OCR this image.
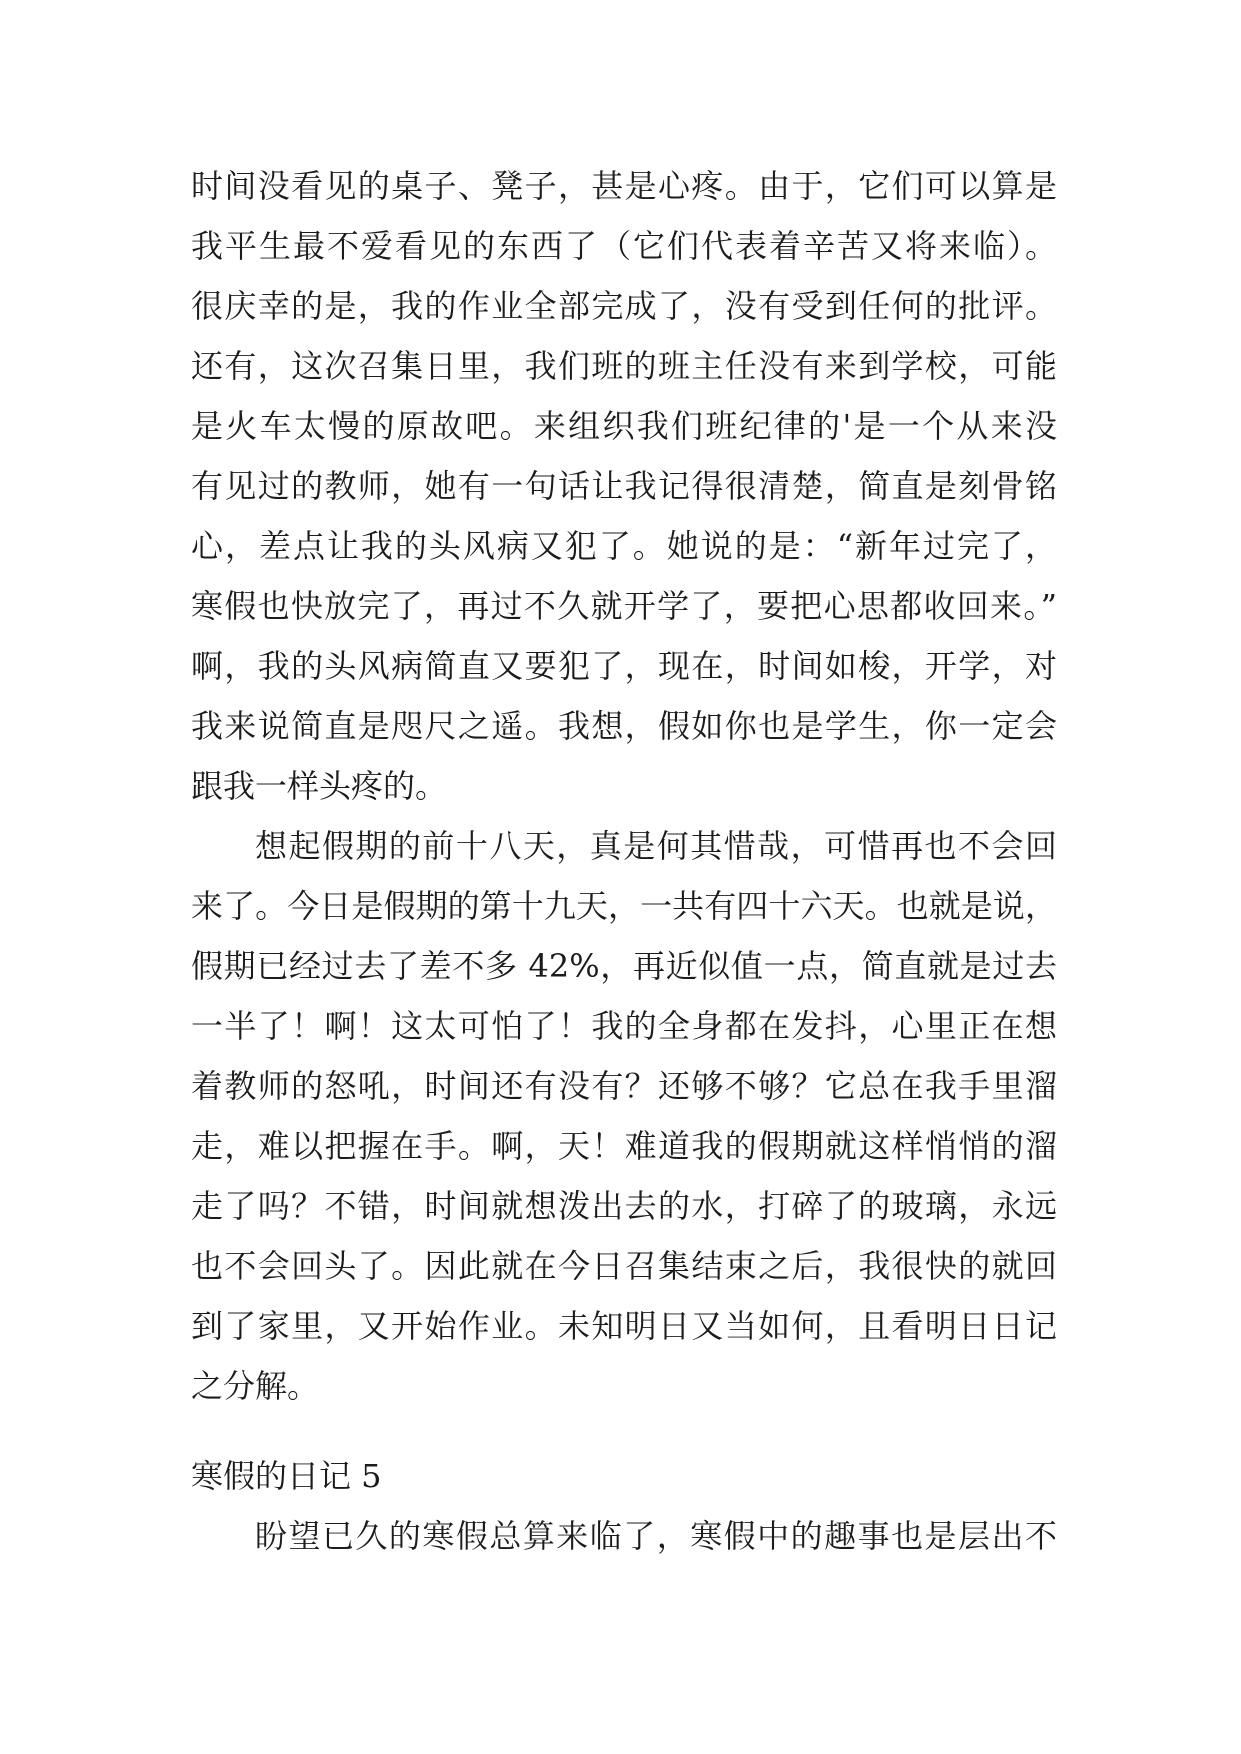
时间没看见的桌子、凳子，甚是心疼。由于，它们可以算是
我平生最不爱看见的东西了（它们代表着辛苦又将来临）。
很庆幸的是，我的作业全部完成了，没有受到任何的批评。
还有，这次召集日里，我们班的班主任没有来到学校，可能
是火车太慢的原故吧。来组织我们班纪律的'是一个从来没
有见过的教师，她有一句话让我记得很清楚，简直是刻骨铭
心，差点让我的头风病又犯了。她说的是：“新年过完了，
寒假也快放完了，再过不久就开学了，要把心思都收回来。”
啊，我的头风病简直又要犯了，现在，时间如梭，开学，对
我来说简直是咫尺之遥。我想，假如你也是学生，你一定会
跟我一样头疼的。
想起假期的前十八天，真是何其惜哉，可惜再也不会回
来了。今日是假期的第十九天，一共有四十六天。也就是说，
假期已经过去了差不多 42%，再近似值一点，简直就是过去
一半了！啊！这太可怕了！我的全身都在发抖，心里正在想
着教师的怒吼，时间还有没有？还够不够？它总在我手里溜
走，难以把握在手。啊，天！难道我的假期就这样悄悄的溜
走了吗？不错，时间就想泼出去的水，打碎了的玻璃，永远
也不会回头了。因此就在今日召集结束之后，我很快的就回
到了家里，又开始作业。未知明日又当如何，且看明日日记
之分解。
寒假的日记 5
盼望已久的寒假总算来临了，寒假中的趣事也是层出不
